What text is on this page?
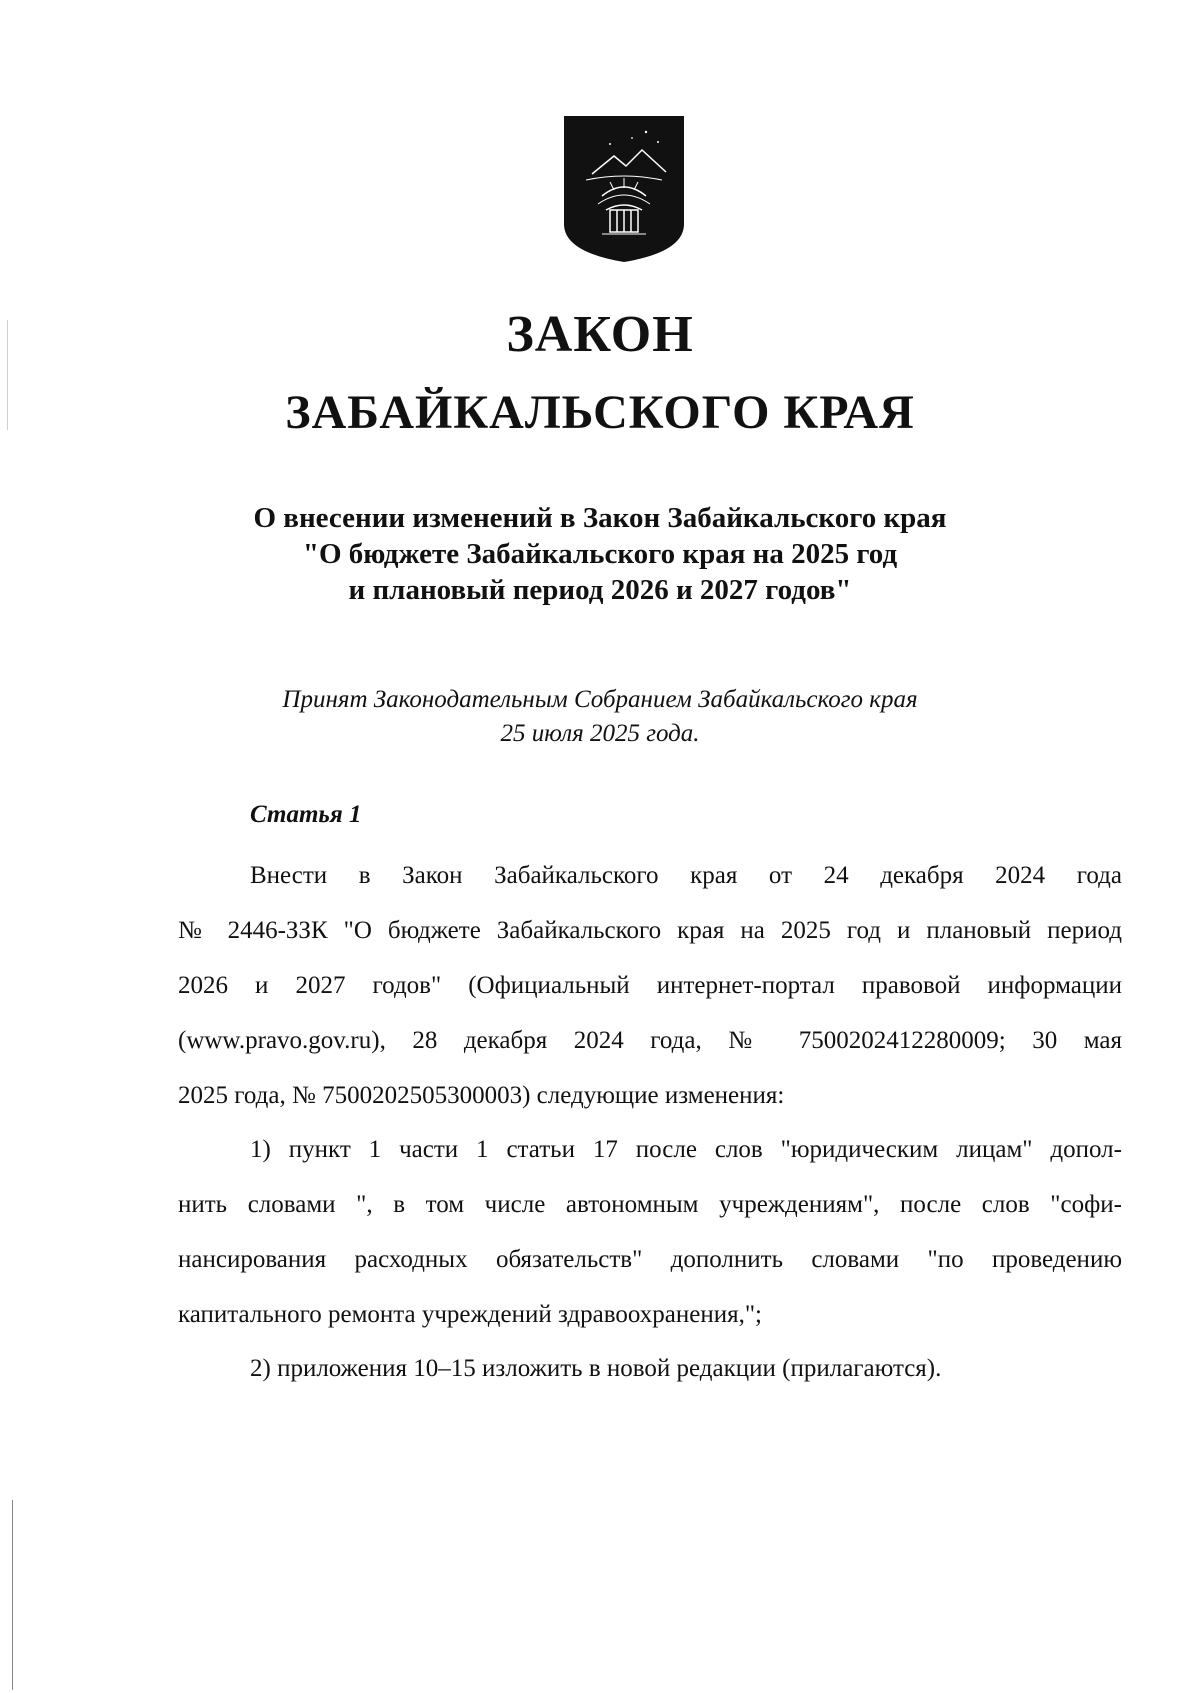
ЗАКОН
ЗАБАЙКАЛЬСКОГО КРАЯ
О внесении изменений в Закон Забайкальского края
"О бюджете Забайкальского края на 2025 год
и плановый период 2026 и 2027 годов"
Принят Законодательным Собранием Забайкальского края
25 июля 2025 года.
Статья 1
Внести в Закон Забайкальского края от 24 декабря 2024 года
№ 2446-ЗЗК "О бюджете Забайкальского края на 2025 год и плановый период
2026 и 2027 годов" (Официальный интернет-портал правовой информации
(www.pravo.gov.ru), 28 декабря 2024 года, № 7500202412280009; 30 мая
2025 года, № 7500202505300003) следующие изменения:
1) пункт 1 части 1 статьи 17 после слов "юридическим лицам" допол-
нить словами ", в том числе автономным учреждениям", после слов "софи-
нансирования расходных обязательств" дополнить словами "по проведению
капитального ремонта учреждений здравоохранения,";
2) приложения 10–15 изложить в новой редакции (прилагаются).
